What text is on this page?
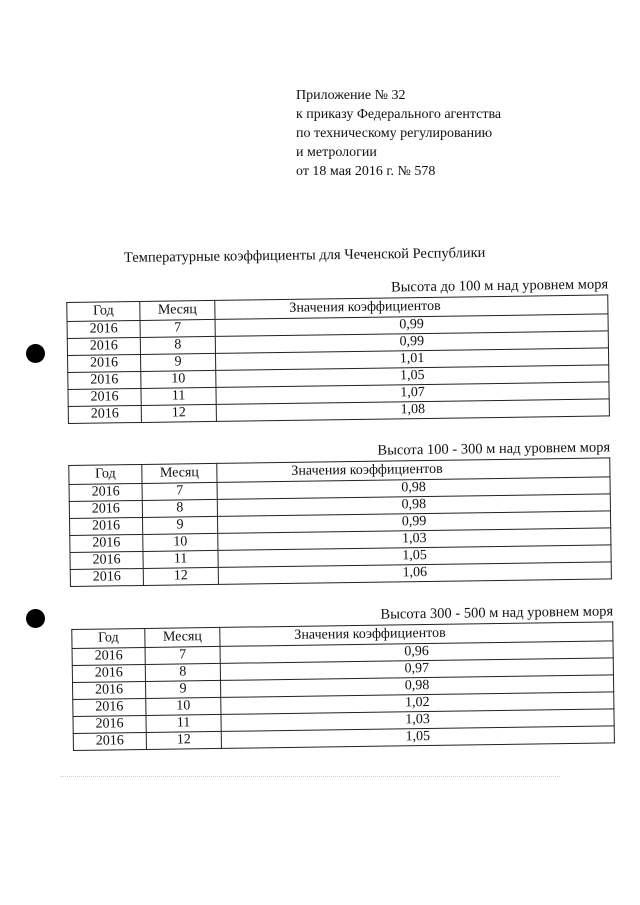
Приложение № 32
к приказу Федерального агентства
по техническому регулированию
и метрологии
от 18 мая 2016 г. № 578
Температурные коэффициенты для Чеченской Республики
Высота до 100 м над уровнем моря
Год	Месяц	Значения коэффициентов
2016	7	0,99
2016	8	0,99
2016	9	1,01
2016	10	1,05
2016	11	1,07
2016	12	1,08
Высота 100 - 300 м над уровнем моря
Год	Месяц	Значения коэффициентов
2016	7	0,98
2016	8	0,98
2016	9	0,99
2016	10	1,03
2016	11	1,05
2016	12	1,06
Высота 300 - 500 м над уровнем моря
Год	Месяц	Значения коэффициентов
2016	7	0,96
2016	8	0,97
2016	9	0,98
2016	10	1,02
2016	11	1,03
2016	12	1,05
